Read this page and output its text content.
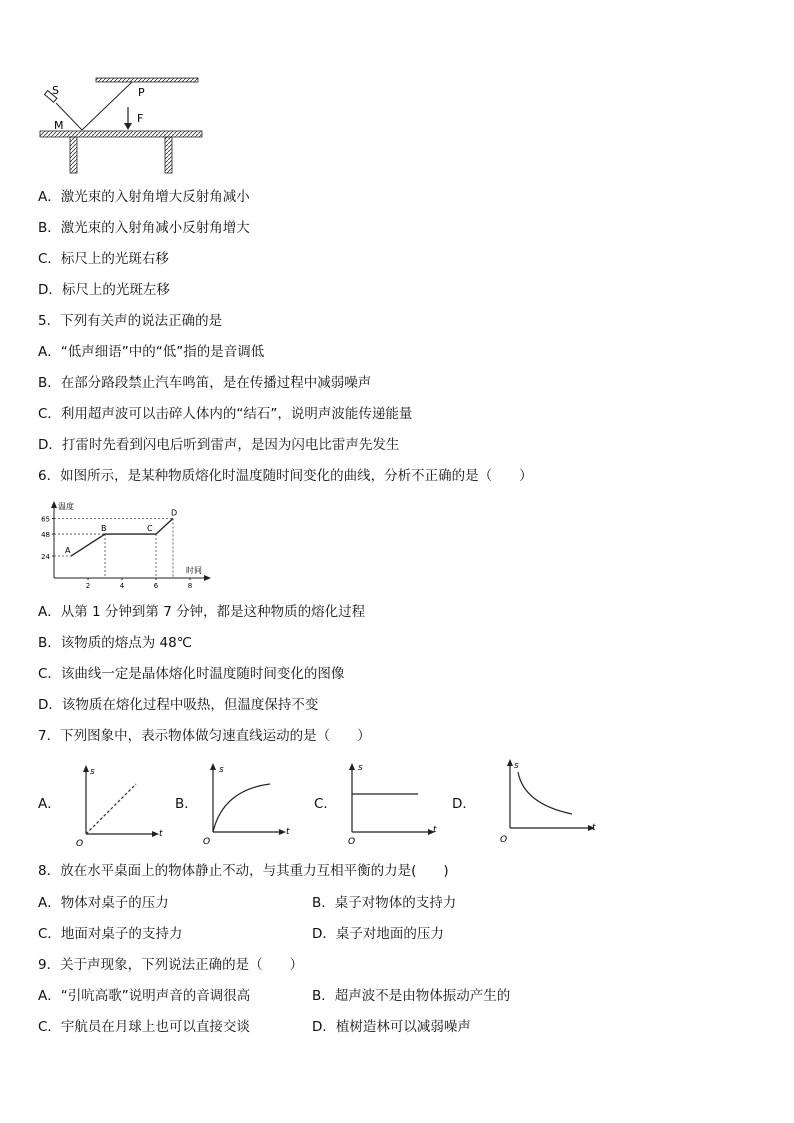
S	P
M
F
A．激光束的入射角增大反射角减小
B．激光束的入射角减小反射角增大
C．标尺上的光斑右移
D．标尺上的光斑左移
5．下列有关声的说法正确的是
A．“低声细语”中的“低”指的是音调低
B．在部分路段禁止汽车鸣笛，是在传播过程中减弱噪声
C．利用超声波可以击碎人体内的“结石”，说明声波能传递能量
D．打雷时先看到闪电后听到雷声，是因为闪电比雷声先发生
6．如图所示，是某种物质熔化时温度随时间变化的曲线，分析不正确的是（　　）
温度
时间
24
48
65
2	4	6	8
A
B	C
D
A．从第 1 分钟到第 7 分钟，都是这种物质的熔化过程
B．该物质的熔点为 48℃
C．该曲线一定是晶体熔化时温度随时间变化的图像
D．该物质在熔化过程中吸热，但温度保持不变
7．下列图象中，表示物体做匀速直线运动的是（　　）
A．	B．	C．	D．
s
t
O
s
t
O
s
t
O
s
t
O
8．放在水平桌面上的物体静止不动，与其重力互相平衡的力是(　　)
A．物体对桌子的压力	B．桌子对物体的支持力
C．地面对桌子的支持力	D．桌子对地面的压力
9．关于声现象，下列说法正确的是（　　）
A．“引吭高歌”说明声音的音调很高	B．超声波不是由物体振动产生的
C．宇航员在月球上也可以直接交谈	D．植树造林可以减弱噪声
